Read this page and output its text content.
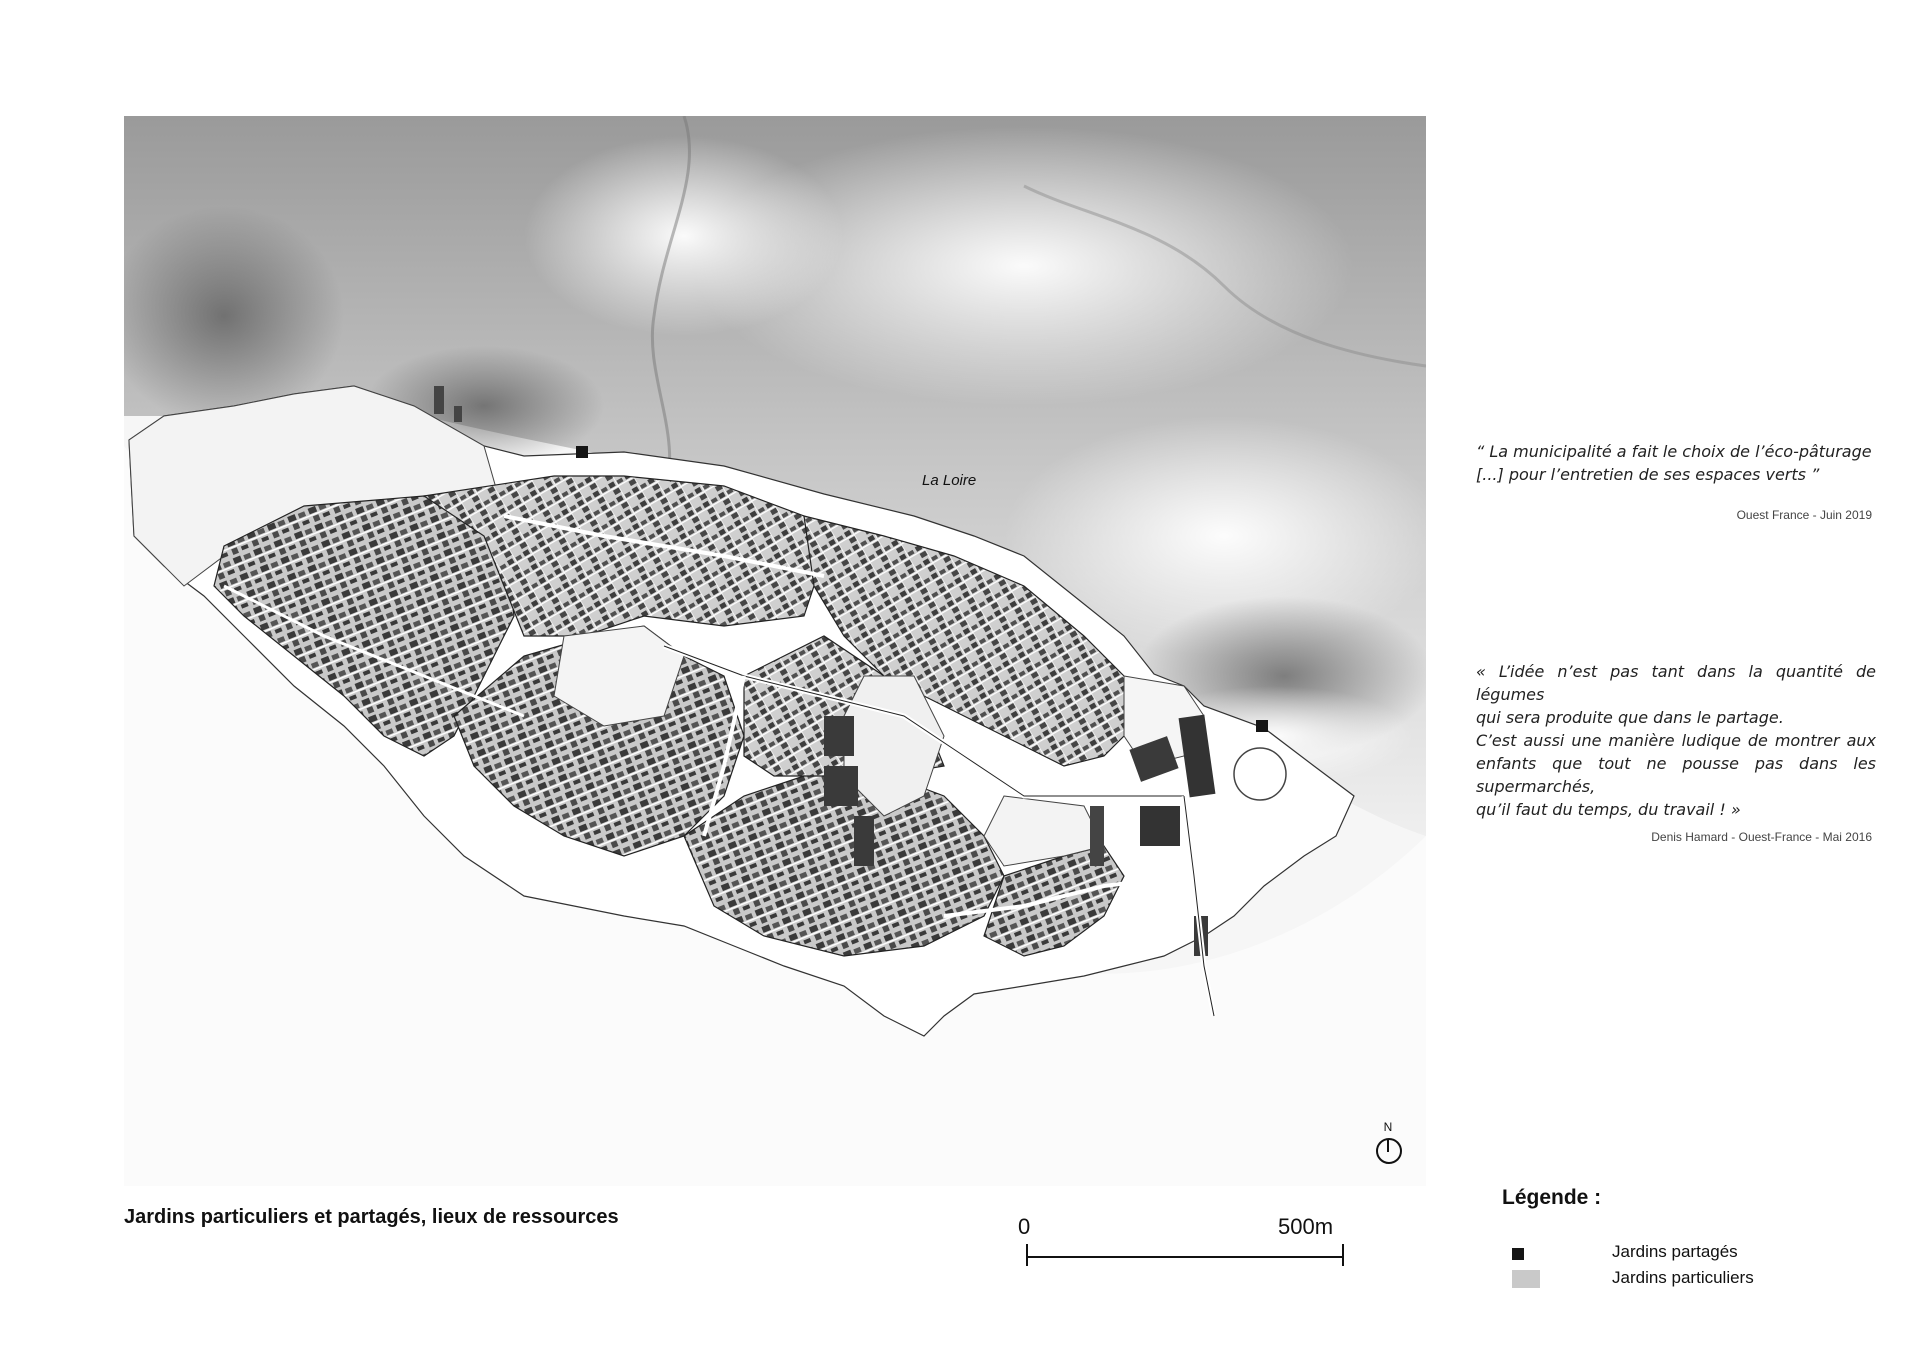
La Loire
N
Jardins particuliers et partagés, lieux de ressources
“ La municipalité a fait le choix de l’éco-pâturage
[...] pour l’entretien de ses espaces verts ”
Ouest France - Juin 2019
« L’idée n’est pas tant dans la quantité de légumes
qui sera produite que dans le partage.
C’est aussi une manière ludique de montrer aux enfants que tout ne pousse pas dans les supermarchés,
qu’il faut du temps, du travail ! »
Denis Hamard - Ouest-France - Mai 2016
0	500m
Légende :
Jardins partagés
Jardins particuliers
